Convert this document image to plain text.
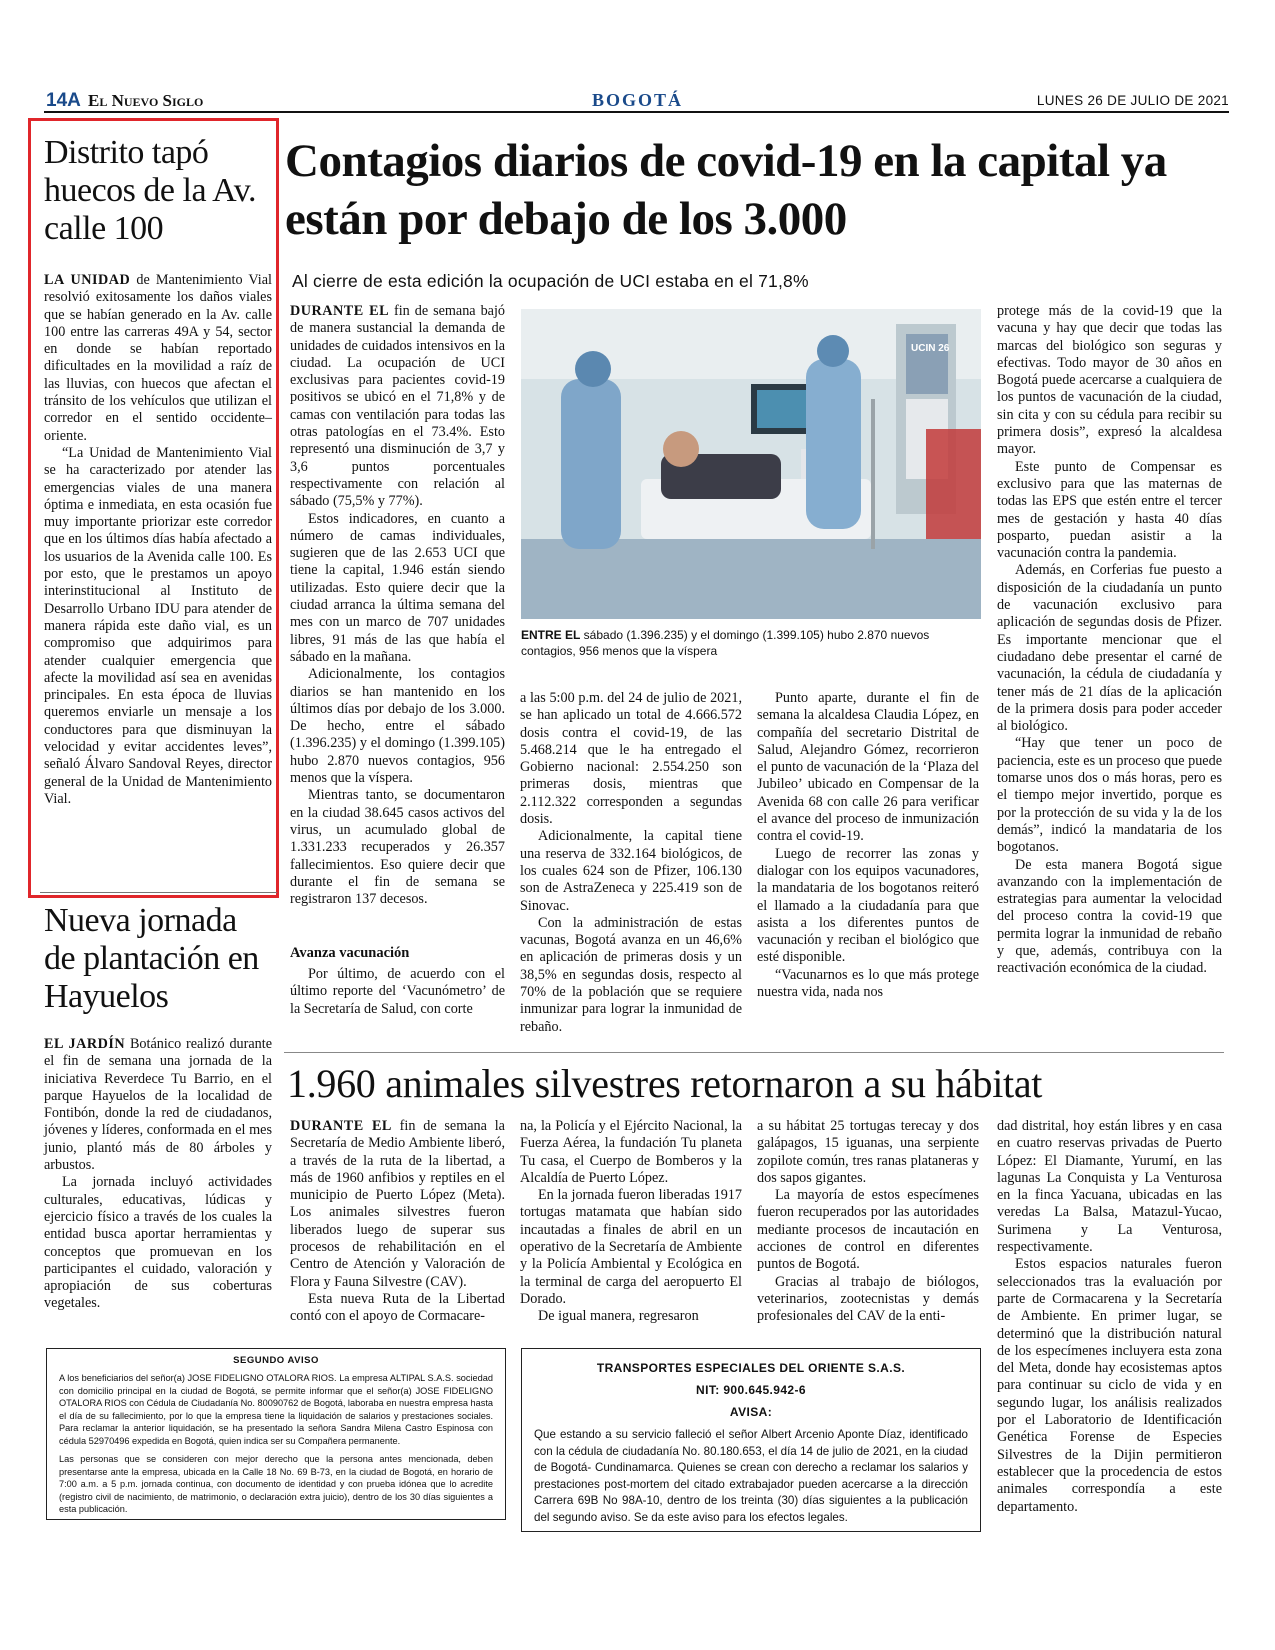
14A El Nuevo Siglo	BOGOTÁ	LUNES 26 DE JULIO DE 2021
Distrito tapó huecos de la Av. calle 100

LA UNIDAD de Mantenimiento Vial resolvió exitosamente los daños viales que se habían generado en la Av. calle 100 entre las carreras 49A y 54, sector en donde se habían reportado dificultades en la movilidad a raíz de las lluvias, con huecos que afectan el tránsito de los vehículos que utilizan el corredor en el sentido occidente–oriente.

“La Unidad de Mantenimiento Vial se ha caracterizado por atender las emergencias viales de una manera óptima e inmediata, en esta ocasión fue muy importante priorizar este corredor que en los últimos días había afectado a los usuarios de la Avenida calle 100. Es por esto, que le prestamos un apoyo interinstitucional al Instituto de Desarrollo Urbano IDU para atender de manera rápida este daño vial, es un compromiso que adquirimos para atender cualquier emergencia que afecte la movilidad así sea en avenidas principales. En esta época de lluvias queremos enviarle un mensaje a los conductores para que disminuyan la velocidad y evitar accidentes leves”, señaló Álvaro Sandoval Reyes, director general de la Unidad de Mantenimiento Vial.

Nueva jornada de plantación en Hayuelos

EL JARDÍN Botánico realizó durante el fin de semana una jornada de la iniciativa Reverdece Tu Barrio, en el parque Hayuelos de la localidad de Fontibón, donde la red de ciudadanos, jóvenes y líderes, conformada en el mes junio, plantó más de 80 árboles y arbustos.

La jornada incluyó actividades culturales, educativas, lúdicas y ejercicio físico a través de los cuales la entidad busca aportar herramientas y conceptos que promuevan en los participantes el cuidado, valoración y apropiación de sus coberturas vegetales.

Contagios diarios de covid-19 en la capital ya están por debajo de los 3.000
Al cierre de esta edición la ocupación de UCI estaba en el 71,8%

DURANTE EL fin de semana bajó de manera sustancial la demanda de unidades de cuidados intensivos en la ciudad. La ocupación de UCI exclusivas para pacientes covid-19 positivos se ubicó en el 71,8% y de camas con ventilación para todas las otras patologías en el 73.4%. Esto representó una disminución de 3,7 y 3,6 puntos porcentuales respectivamente con relación al sábado (75,5% y 77%).

Estos indicadores, en cuanto a número de camas individuales, sugieren que de las 2.653 UCI que tiene la capital, 1.946 están siendo utilizadas. Esto quiere decir que la ciudad arranca la última semana del mes con un marco de 707 unidades libres, 91 más de las que había el sábado en la mañana.

Adicionalmente, los contagios diarios se han mantenido en los últimos días por debajo de los 3.000. De hecho, entre el sábado (1.396.235) y el domingo (1.399.105) hubo 2.870 nuevos contagios, 956 menos que la víspera.

Mientras tanto, se documentaron en la ciudad 38.645 casos activos del virus, un acumulado global de 1.331.233 recuperados y 26.357 fallecimientos. Eso quiere decir que durante el fin de semana se registraron 137 decesos.

Avanza vacunación

Por último, de acuerdo con el último reporte del ‘Vacunómetro’ de la Secretaría de Salud, con corte

UCIN 26
ENTRE EL sábado (1.396.235) y el domingo (1.399.105) hubo 2.870 nuevos contagios, 956 menos que la víspera

a las 5:00 p.m. del 24 de julio de 2021, se han aplicado un total de 4.666.572 dosis contra el covid-19, de las 5.468.214 que le ha entregado el Gobierno nacional: 2.554.250 son primeras dosis, mientras que 2.112.322 corresponden a segundas dosis.

Adicionalmente, la capital tiene una reserva de 332.164 biológicos, de los cuales 624 son de Pfizer, 106.130 son de AstraZeneca y 225.419 son de Sinovac.

Con la administración de estas vacunas, Bogotá avanza en un 46,6% en aplicación de primeras dosis y un 38,5% en segundas dosis, respecto al 70% de la población que se requiere inmunizar para lograr la inmunidad de rebaño.

Punto aparte, durante el fin de semana la alcaldesa Claudia López, en compañía del secretario Distrital de Salud, Alejandro Gómez, recorrieron el punto de vacunación de la ‘Plaza del Jubileo’ ubicado en Compensar de la Avenida 68 con calle 26 para verificar el avance del proceso de inmunización contra el covid-19.

Luego de recorrer las zonas y dialogar con los equipos vacunadores, la mandataria de los bogotanos reiteró el llamado a la ciudadanía para que asista a los diferentes puntos de vacunación y reciban el biológico que esté disponible.

“Vacunarnos es lo que más protege nuestra vida, nada nos

protege más de la covid-19 que la vacuna y hay que decir que todas las marcas del biológico son seguras y efectivas. Todo mayor de 30 años en Bogotá puede acercarse a cualquiera de los puntos de vacunación de la ciudad, sin cita y con su cédula para recibir su primera dosis”, expresó la alcaldesa mayor.

Este punto de Compensar es exclusivo para que las maternas de todas las EPS que estén entre el tercer mes de gestación y hasta 40 días posparto, puedan asistir a la vacunación contra la pandemia.

Además, en Corferias fue puesto a disposición de la ciudadanía un punto de vacunación exclusivo para aplicación de segundas dosis de Pfizer. Es importante mencionar que el ciudadano debe presentar el carné de vacunación, la cédula de ciudadanía y tener más de 21 días de la aplicación de la primera dosis para poder acceder al biológico.

“Hay que tener un poco de paciencia, este es un proceso que puede tomarse unos dos o más horas, pero es el tiempo mejor invertido, porque es por la protección de su vida y la de los demás”, indicó la mandataria de los bogotanos.

De esta manera Bogotá sigue avanzando con la implementación de estrategias para aumentar la velocidad del proceso contra la covid-19 que permita lograr la inmunidad de rebaño y que, además, contribuya con la reactivación económica de la ciudad.

1.960 animales silvestres retornaron a su hábitat

DURANTE EL fin de semana la Secretaría de Medio Ambiente liberó, a través de la ruta de la libertad, a más de 1960 anfibios y reptiles en el municipio de Puerto López (Meta). Los animales silvestres fueron liberados luego de superar sus procesos de rehabilitación en el Centro de Atención y Valoración de Flora y Fauna Silvestre (CAV).

Esta nueva Ruta de la Libertad contó con el apoyo de Cormacare-

na, la Policía y el Ejército Nacional, la Fuerza Aérea, la fundación Tu planeta Tu casa, el Cuerpo de Bomberos y la Alcaldía de Puerto López.

En la jornada fueron liberadas 1917 tortugas matamata que habían sido incautadas a finales de abril en un operativo de la Secretaría de Ambiente y la Policía Ambiental y Ecológica en la terminal de carga del aeropuerto El Dorado.

De igual manera, regresaron

a su hábitat 25 tortugas terecay y dos galápagos, 15 iguanas, una serpiente zopilote común, tres ranas plataneras y dos sapos gigantes.

La mayoría de estos especímenes fueron recuperados por las autoridades mediante procesos de incautación en acciones de control en diferentes puntos de Bogotá.

Gracias al trabajo de biólogos, veterinarios, zootecnistas y demás profesionales del CAV de la enti-

dad distrital, hoy están libres y en casa en cuatro reservas privadas de Puerto López: El Diamante, Yurumí, en las lagunas La Conquista y La Venturosa en la finca Yacuana, ubicadas en las veredas La Balsa, Matazul-Yucao, Surimena y La Venturosa, respectivamente.

Estos espacios naturales fueron seleccionados tras la evaluación por parte de Cormacarena y la Secretaría de Ambiente. En primer lugar, se determinó que la distribución natural de los especímenes incluyera esta zona del Meta, donde hay ecosistemas aptos para continuar su ciclo de vida y en segundo lugar, los análisis realizados por el Laboratorio de Identificación Genética Forense de Especies Silvestres de la Dijin permitieron establecer que la procedencia de estos animales correspondía a este departamento.

SEGUNDO AVISO
A los beneficiarios del señor(a) JOSE FIDELIGNO OTALORA RIOS. La empresa ALTIPAL S.A.S. sociedad con domicilio principal en la ciudad de Bogotá, se permite informar que el señor(a) JOSE FIDELIGNO OTALORA RIOS con Cédula de Ciudadanía No. 80090762 de Bogotá, laboraba en nuestra empresa hasta el día de su fallecimiento, por lo que la empresa tiene la liquidación de salarios y prestaciones sociales. Para reclamar la anterior liquidación, se ha presentado la señora Sandra Milena Castro Espinosa con cédula 52970496 expedida en Bogotá, quien indica ser su Compañera permanente.
Las personas que se consideren con mejor derecho que la persona antes mencionada, deben presentarse ante la empresa, ubicada en la Calle 18 No. 69 B-73, en la ciudad de Bogotá, en horario de 7:00 a.m. a 5 p.m. jornada continua, con documento de identidad y con prueba idónea que lo acredite (registro civil de nacimiento, de matrimonio, o declaración extra juicio), dentro de los 30 días siguientes a esta publicación.
TRANSPORTES ESPECIALES DEL ORIENTE S.A.S.
NIT: 900.645.942-6
AVISA:
Que estando a su servicio falleció el señor Albert Arcenio Aponte Díaz, identificado con la cédula de ciudadanía No. 80.180.653, el día 14 de julio de 2021, en la ciudad de Bogotá- Cundinamarca. Quienes se crean con derecho a reclamar los salarios y prestaciones post-mortem del citado extrabajador pueden acercarse a la dirección Carrera 69B No 98A-10, dentro de los treinta (30) días siguientes a la publicación del segundo aviso. Se da este aviso para los efectos legales.
